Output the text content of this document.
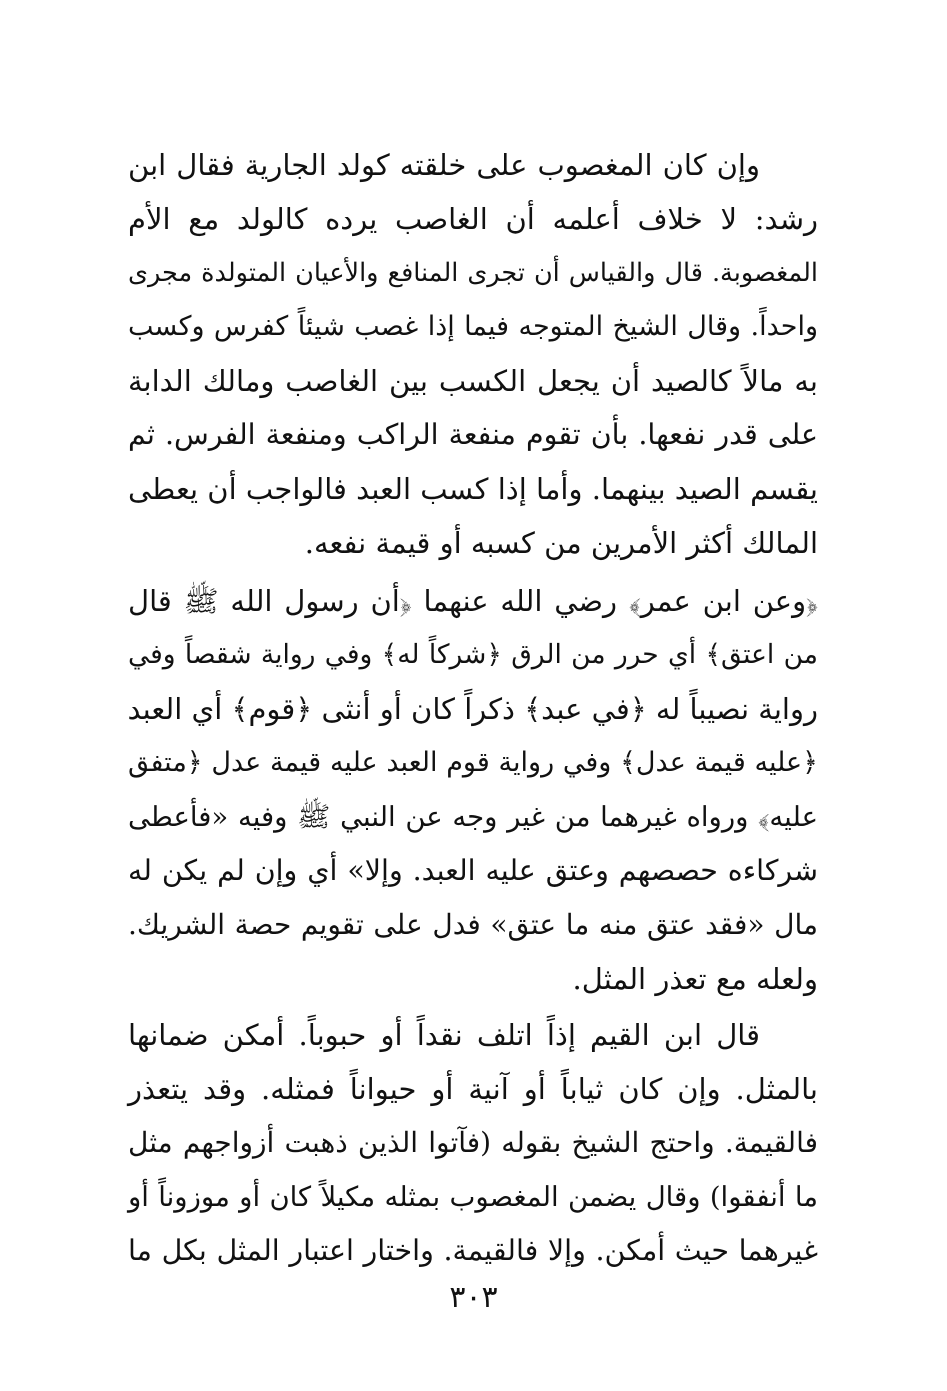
وإن كان المغصوب على خلقته كولد الجارية فقال ابن
رشد: لا خلاف أعلمه أن الغاصب يرده كالولد مع الأم
المغصوبة. قال والقياس أن تجرى المنافع والأعيان المتولدة مجرى
واحداً. وقال الشيخ المتوجه فيما إذا غصب شيئاً كفرس وكسب
به مالاً كالصيد أن يجعل الكسب بين الغاصب ومالك الدابة
على قدر نفعها. بأن تقوم منفعة الراكب ومنفعة الفرس. ثم
يقسم الصيد بينهما. وأما إذا كسب العبد فالواجب أن يعطى
المالك أكثر الأمرين من كسبه أو قيمة نفعه.
﴿وعن ابن عمر﴾ رضي الله عنهما ﴿أن رسول الله ﷺ قال
من اعتق﴾ أي حرر من الرق ﴿شركاً له﴾ وفي رواية شقصاً وفي
رواية نصيباً له ﴿في عبد﴾ ذكراً كان أو أنثى ﴿قوم﴾ أي العبد
﴿عليه قيمة عدل﴾ وفي رواية قوم العبد عليه قيمة عدل ﴿متفق
عليه﴾ ورواه غيرهما من غير وجه عن النبي ﷺ وفيه «فأعطى
شركاءه حصصهم وعتق عليه العبد. وإلا» أي وإن لم يكن له
مال «فقد عتق منه ما عتق» فدل على تقويم حصة الشريك.
ولعله مع تعذر المثل.
قال ابن القيم إذاً اتلف نقداً أو حبوباً. أمكن ضمانها
بالمثل. وإن كان ثياباً أو آنية أو حيواناً فمثله. وقد يتعذر
فالقيمة. واحتج الشيخ بقوله (فآتوا الذين ذهبت أزواجهم مثل
ما أنفقوا) وقال يضمن المغصوب بمثله مكيلاً كان أو موزوناً أو
غيرهما حيث أمكن. وإلا فالقيمة. واختار اعتبار المثل بكل ما
٣٠٣
